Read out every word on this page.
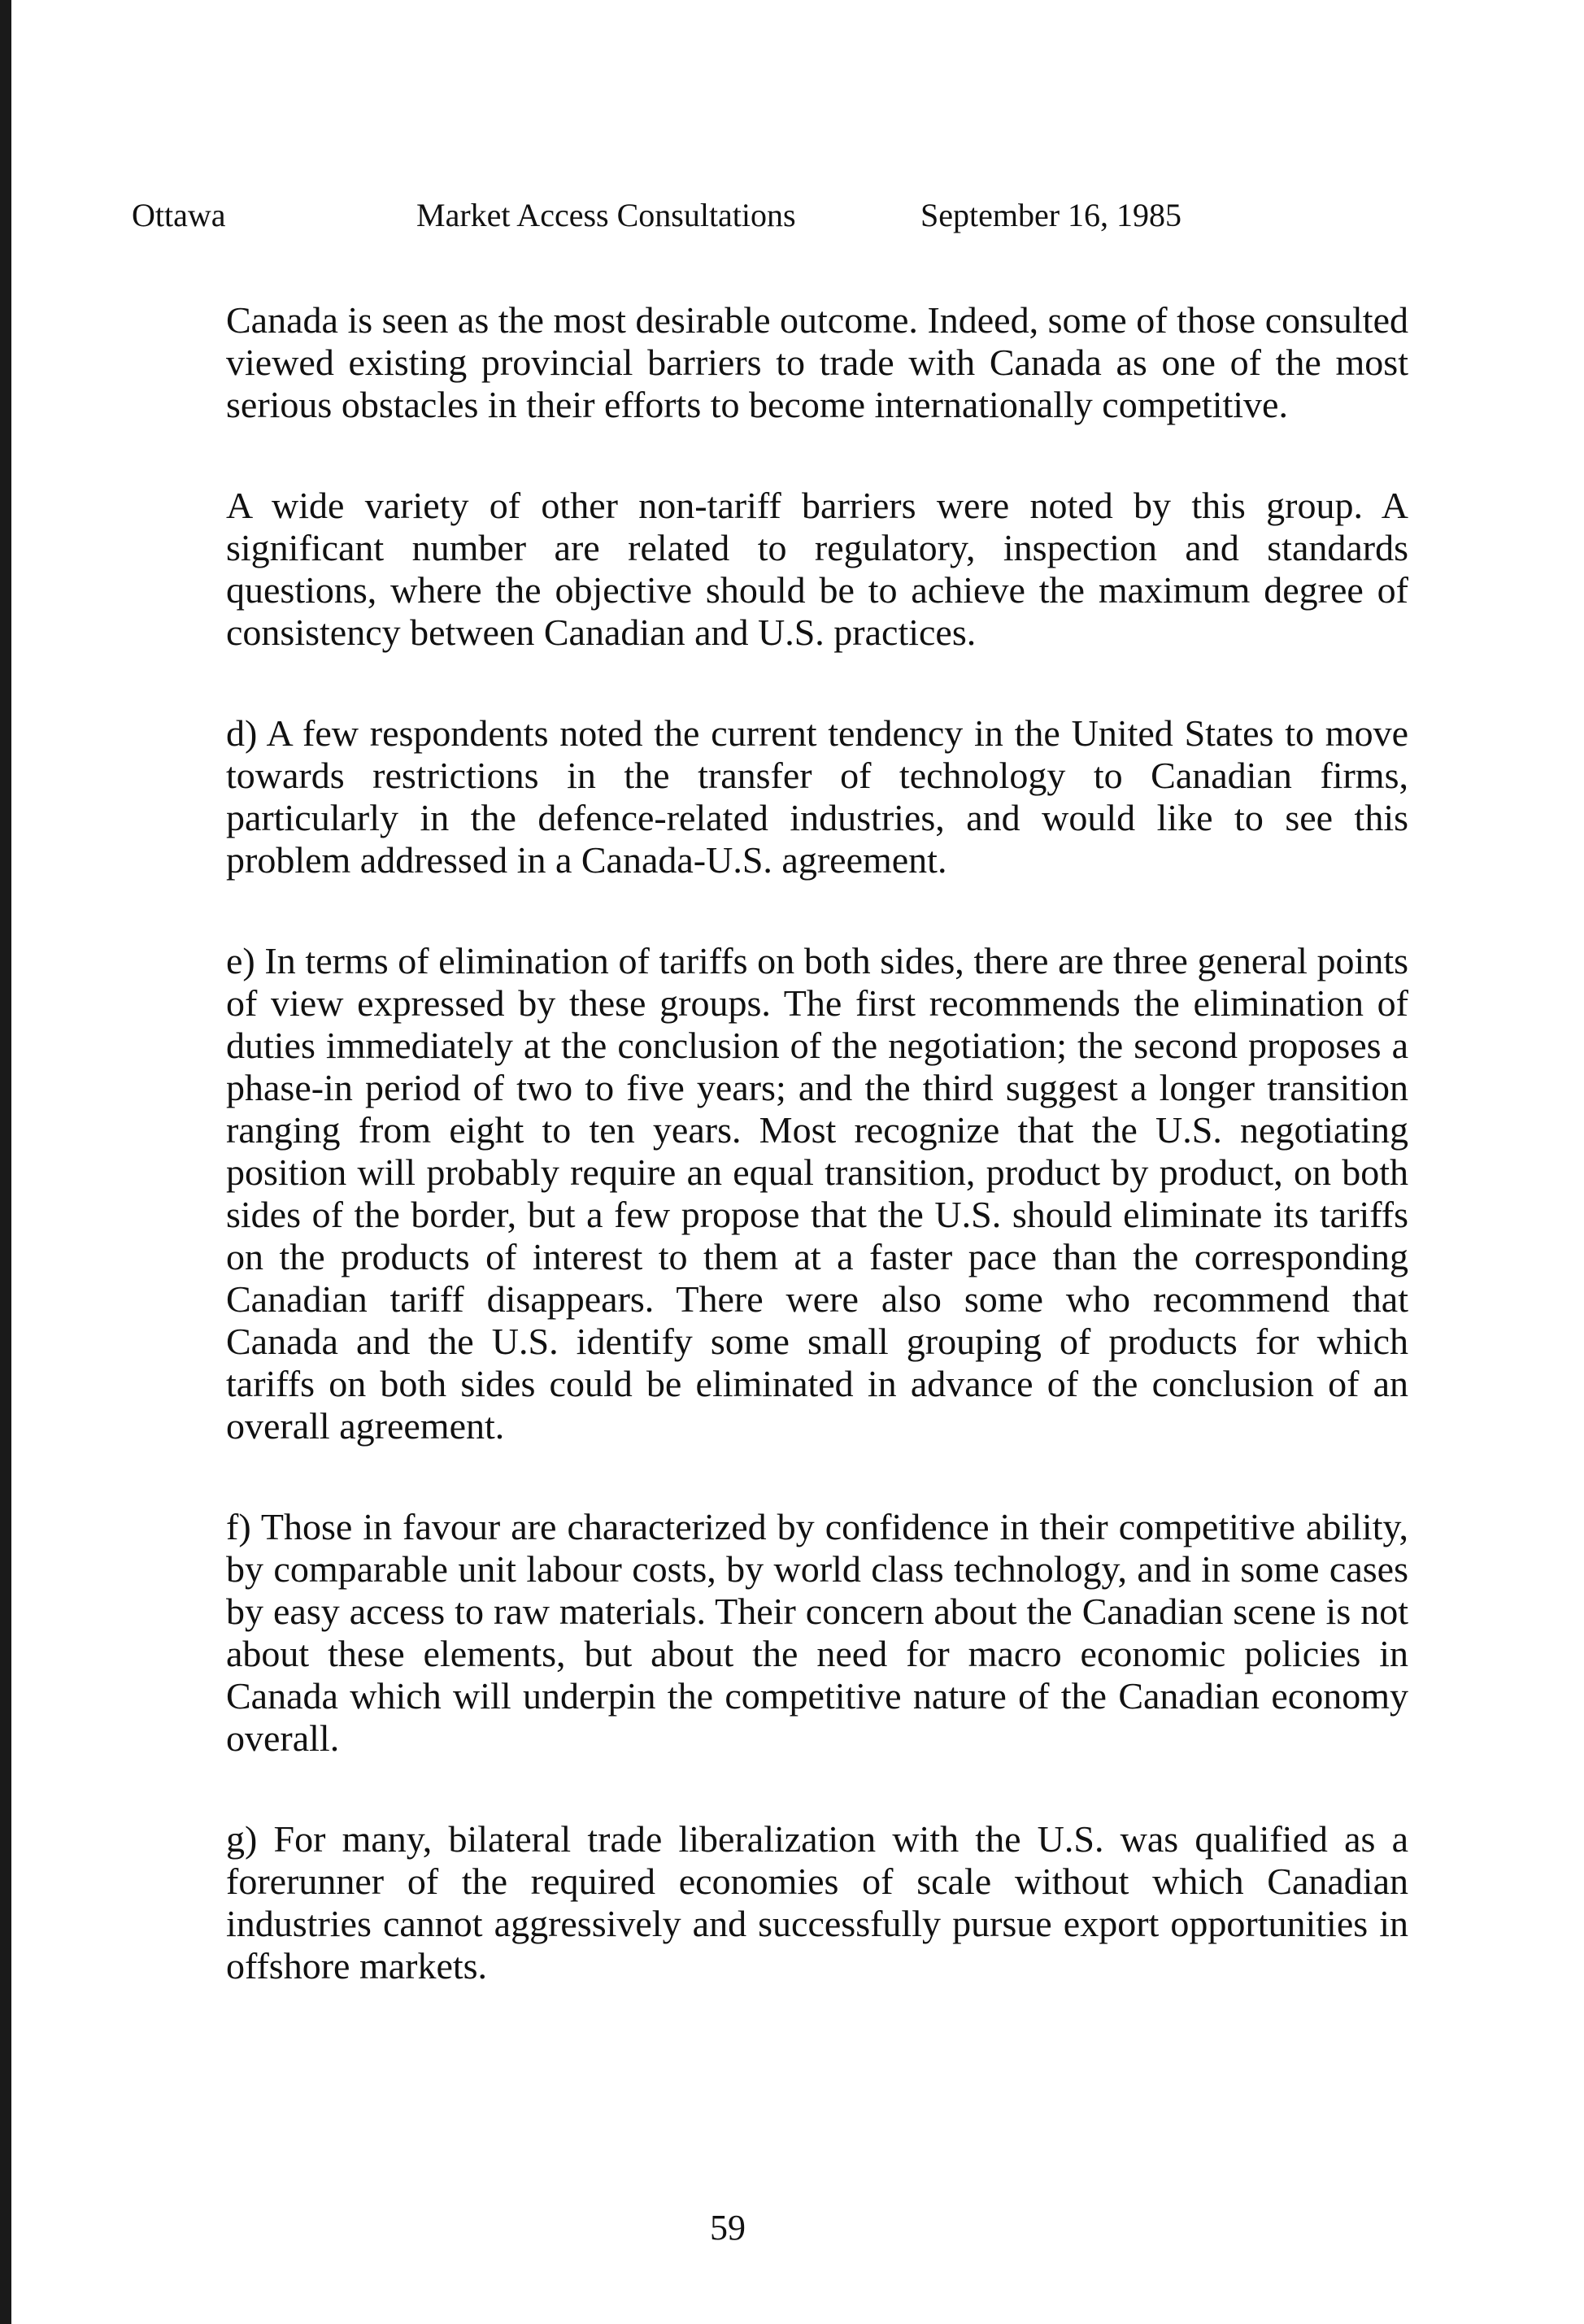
Ottawa	Market Access Consultations	September 16, 1985

Canada is seen as the most desirable outcome. Indeed, some of those consulted viewed existing provincial barriers to trade with Canada as one of the most serious obstacles in their efforts to become internationally competitive.

A wide variety of other non-tariff barriers were noted by this group. A significant number are related to regulatory, inspection and standards questions, where the objective should be to achieve the maximum degree of consistency between Canadian and U.S. practices.

d) A few respondents noted the current tendency in the United States to move towards restrictions in the transfer of technology to Canadian firms, particularly in the defence-related industries, and would like to see this problem addressed in a Canada-U.S. agreement.

e) In terms of elimination of tariffs on both sides, there are three general points of view expressed by these groups. The first recommends the elimination of duties immediately at the conclusion of the negotiation; the second proposes a phase-in period of two to five years; and the third suggest a longer transition ranging from eight to ten years. Most recognize that the U.S. negotiating position will probably require an equal transition, product by product, on both sides of the border, but a few propose that the U.S. should eliminate its tariffs on the products of interest to them at a faster pace than the corresponding Canadian tariff disappears. There were also some who recommend that Canada and the U.S. identify some small grouping of products for which tariffs on both sides could be eliminated in advance of the conclusion of an overall agreement.

f) Those in favour are characterized by confidence in their competitive ability, by comparable unit labour costs, by world class technology, and in some cases by easy access to raw materials. Their concern about the Canadian scene is not about these elements, but about the need for macro economic policies in Canada which will underpin the competitive nature of the Canadian economy overall.

g) For many, bilateral trade liberalization with the U.S. was qualified as a forerunner of the required economies of scale without which Canadian industries cannot aggressively and successfully pursue export opportunities in offshore markets.

59
